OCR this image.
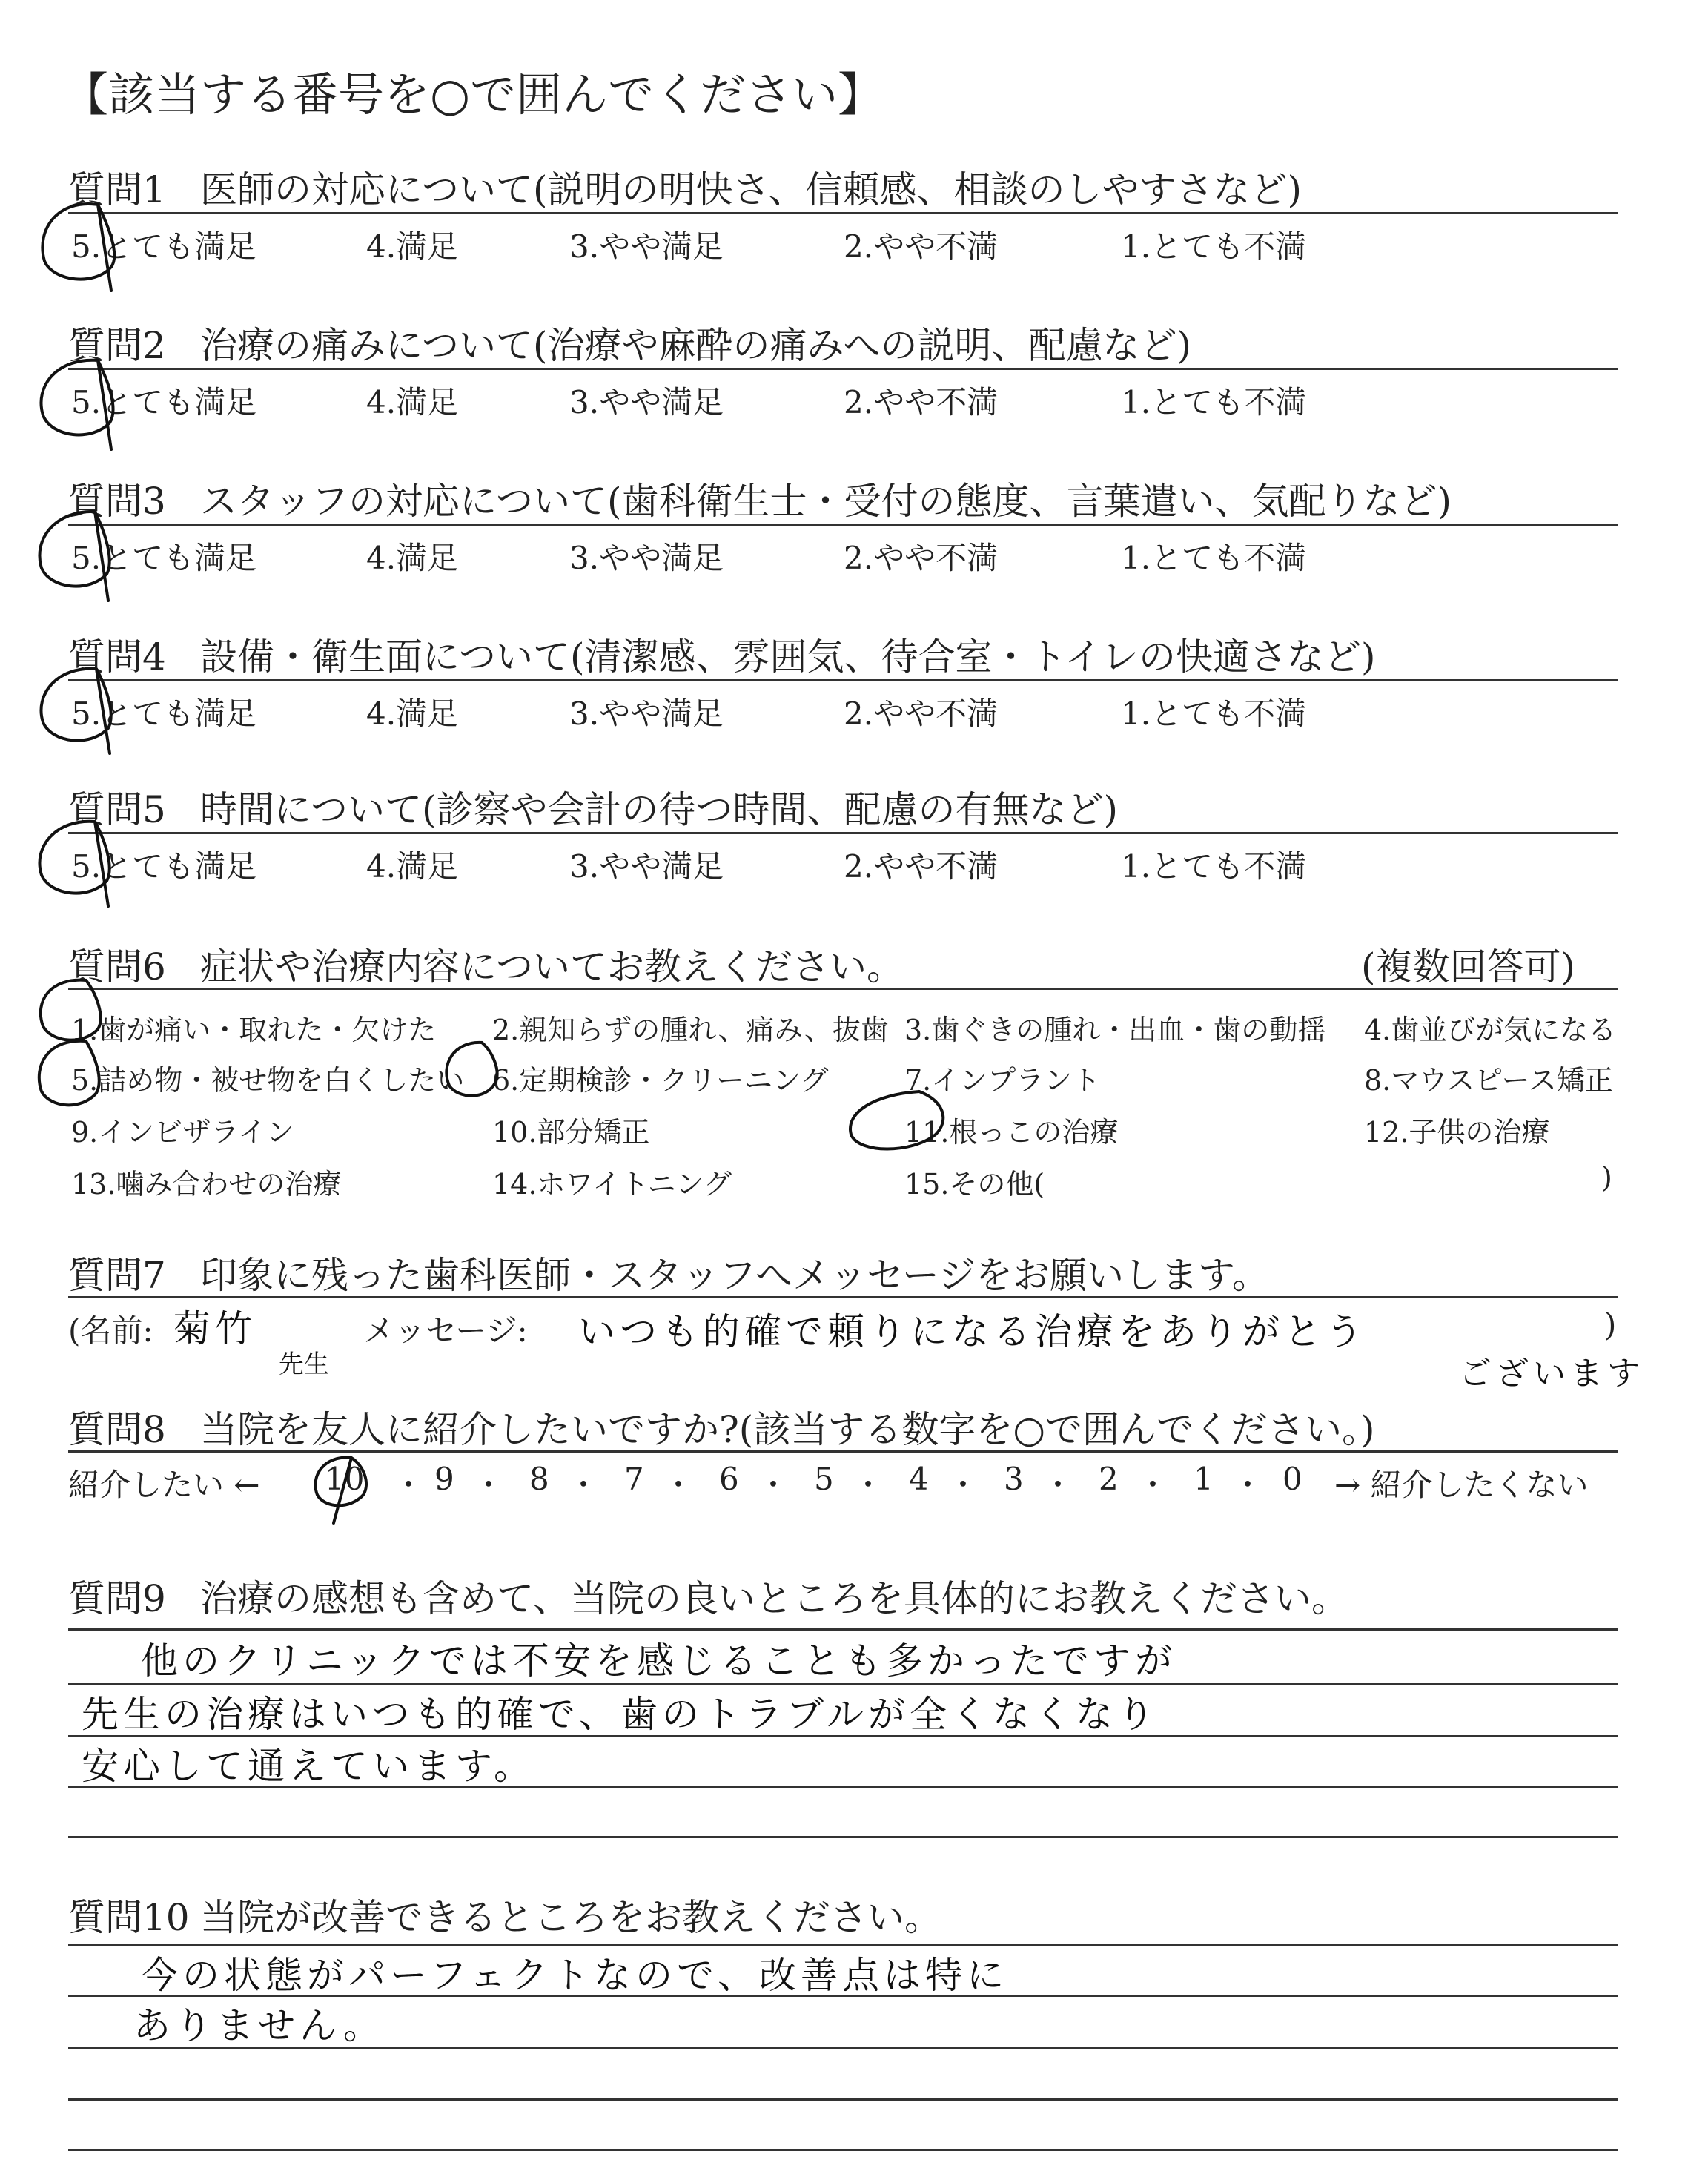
【該当する番号を○で囲んでください】
質問1 医師の対応について(説明の明快さ、信頼感、相談のしやすさなど)
5.とても満足	4.満足	3.やや満足	2.やや不満	1.とても不満
質問2 治療の痛みについて(治療や麻酔の痛みへの説明、配慮など)
5.とても満足	4.満足	3.やや満足	2.やや不満	1.とても不満
質問3 スタッフの対応について(歯科衛生士・受付の態度、言葉遣い、気配りなど)
5.とても満足	4.満足	3.やや満足	2.やや不満	1.とても不満
質問4 設備・衛生面について(清潔感、雰囲気、待合室・トイレの快適さなど)
5.とても満足	4.満足	3.やや満足	2.やや不満	1.とても不満
質問5 時間について(診察や会計の待つ時間、配慮の有無など)
5.とても満足	4.満足	3.やや満足	2.やや不満	1.とても不満
質問6 症状や治療内容についてお教えください。	(複数回答可)
1.歯が痛い・取れた・欠けた 2.親知らずの腫れ、痛み、抜歯 3.歯ぐきの腫れ・出血・歯の動揺 4.歯並びが気になる
5.詰め物・被せ物を白くしたい 6.定期検診・クリーニング	7.インプラント	8.マウスピース矯正
9.インビザライン	10.部分矯正	11.根っこの治療	12.子供の治療
13.噛み合わせの治療	14.ホワイトニング	15.その他(	)
質問7 印象に残った歯科医師・スタッフへメッセージをお願いします。
(名前: 菊竹
先生
メッセージ: いつも的確で頼りになる治療をありがとう	)
ございます
質問8 当院を友人に紹介したいですか?(該当する数字を○で囲んでください。)
紹介したい ← 10 ・ 9 ・ 8 ・ 7 ・ 6 ・ 5 ・ 4 ・ 3 ・ 2 ・ 1 ・ 0 → 紹介したくない
質問9 治療の感想も含めて、当院の良いところを具体的にお教えください。
他のクリニックでは不安を感じることも多かったですが
先生の治療はいつも的確で、歯のトラブルが全くなくなり
安心して通えています。
質問10 当院が改善できるところをお教えください。
今の状態がパーフェクトなので、改善点は特に
ありません。
